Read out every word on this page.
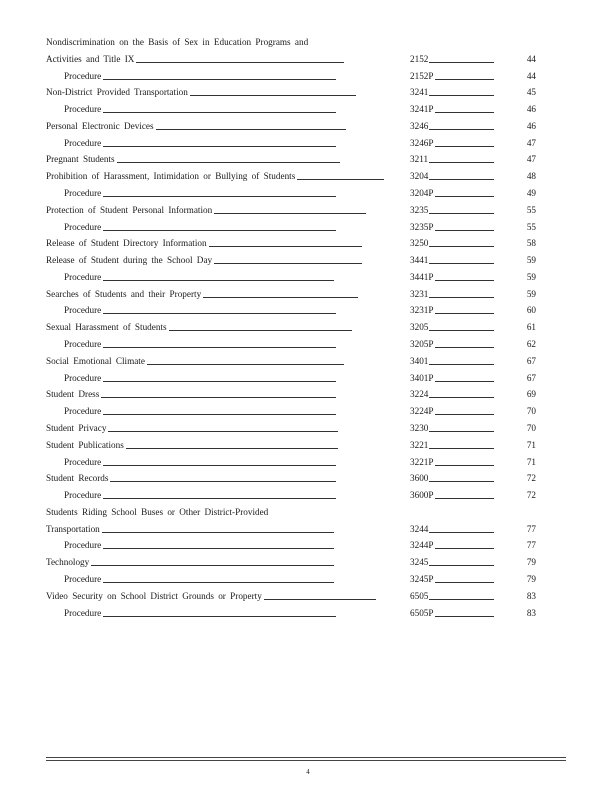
Nondiscrimination on the Basis of Sex in Education Programs and
Activities and Title IX	2152	44
Procedure	2152P	44
Non-District Provided Transportation	3241	45
Procedure	3241P	46
Personal Electronic Devices	3246	46
Procedure	3246P	47
Pregnant Students	3211	47
Prohibition of Harassment, Intimidation or Bullying of Students	3204	48
Procedure	3204P	49
Protection of Student Personal Information	3235	55
Procedure	3235P	55
Release of Student Directory Information	3250	58
Release of Student during the School Day	3441	59
Procedure	3441P	59
Searches of Students and their Property	3231	59
Procedure	3231P	60
Sexual Harassment of Students	3205	61
Procedure	3205P	62
Social Emotional Climate	3401	67
Procedure	3401P	67
Student Dress	3224	69
Procedure	3224P	70
Student Privacy	3230	70
Student Publications	3221	71
Procedure	3221P	71
Student Records	3600	72
Procedure	3600P	72
Students Riding School Buses or Other District-Provided
Transportation	3244	77
Procedure	3244P	77
Technology	3245	79
Procedure	3245P	79
Video Security on School District Grounds or Property	6505	83
Procedure	6505P	83
4
